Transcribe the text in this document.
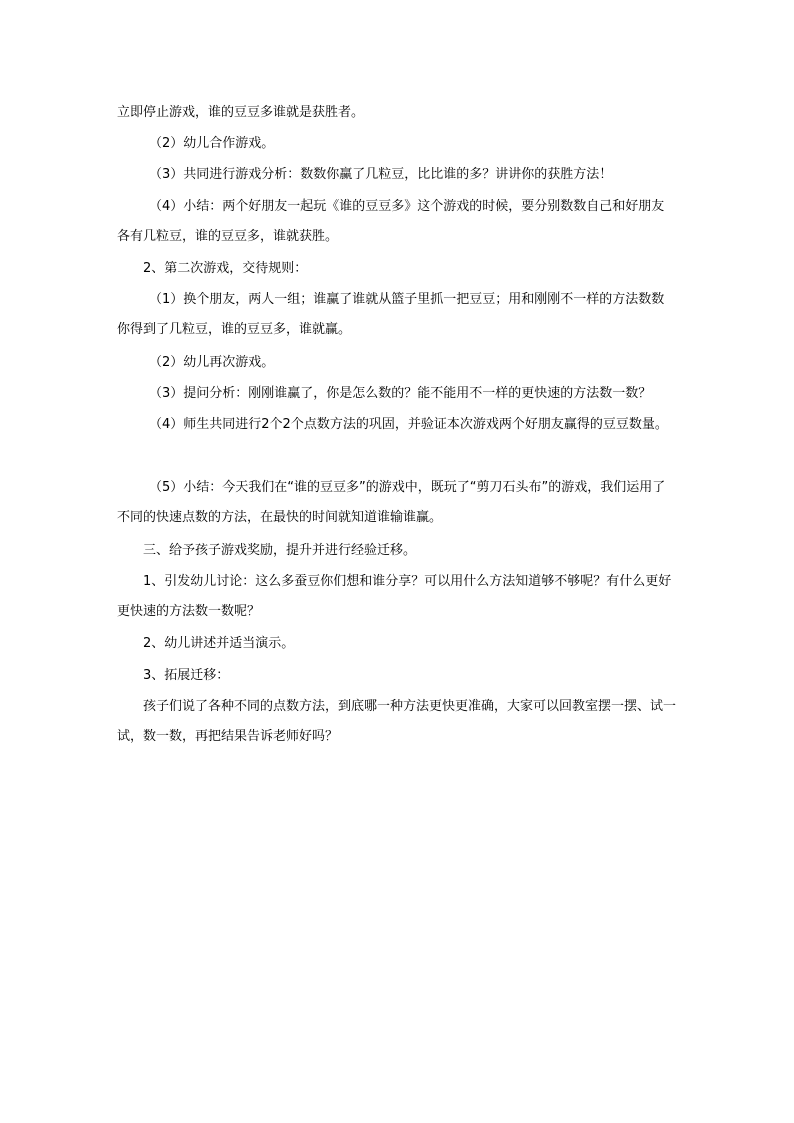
立即停止游戏，谁的豆豆多谁就是获胜者。

（2）幼儿合作游戏。

（3）共同进行游戏分析：数数你赢了几粒豆，比比谁的多？讲讲你的获胜方法！

（4）小结：两个好朋友一起玩《谁的豆豆多》这个游戏的时候，要分别数数自己和好朋友各有几粒豆，谁的豆豆多，谁就获胜。

2、第二次游戏，交待规则：

（1）换个朋友，两人一组；谁赢了谁就从篮子里抓一把豆豆；用和刚刚不一样的方法数数你得到了几粒豆，谁的豆豆多，谁就赢。

（2）幼儿再次游戏。

（3）提问分析：刚刚谁赢了，你是怎么数的？能不能用不一样的更快速的方法数一数？

（4）师生共同进行2个2个点数方法的巩固，并验证本次游戏两个好朋友赢得的豆豆数量。

（5）小结：今天我们在“谁的豆豆多”的游戏中，既玩了“剪刀石头布”的游戏，我们运用了不同的快速点数的方法，在最快的时间就知道谁输谁赢。

三、给予孩子游戏奖励，提升并进行经验迁移。

1、引发幼儿讨论：这么多蚕豆你们想和谁分享？可以用什么方法知道够不够呢？有什么更好更快速的方法数一数呢？

2、幼儿讲述并适当演示。

3、拓展迁移：

孩子们说了各种不同的点数方法，到底哪一种方法更快更准确，大家可以回教室摆一摆、试一试，数一数，再把结果告诉老师好吗？
